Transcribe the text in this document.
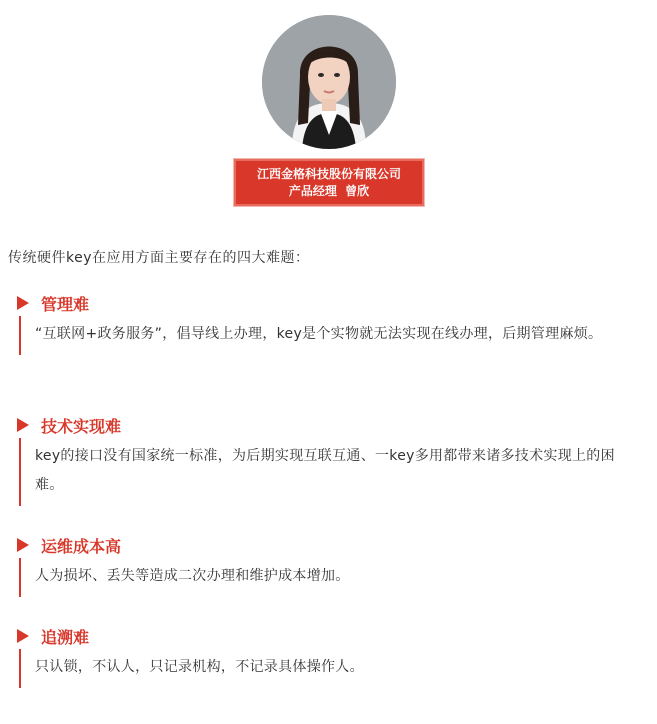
江西金格科技股份有限公司
产品经理  曾欣
传统硬件key在应用方面主要存在的四大难题：
管理难
“互联网+政务服务”，倡导线上办理，key是个实物就无法实现在线办理，后期管理麻烦。
技术实现难
key的接口没有国家统一标准，为后期实现互联互通、一key多用都带来诸多技术实现上的困难。
运维成本高
人为损坏、丢失等造成二次办理和维护成本增加。
追溯难
只认锁，不认人，只记录机构，不记录具体操作人。
